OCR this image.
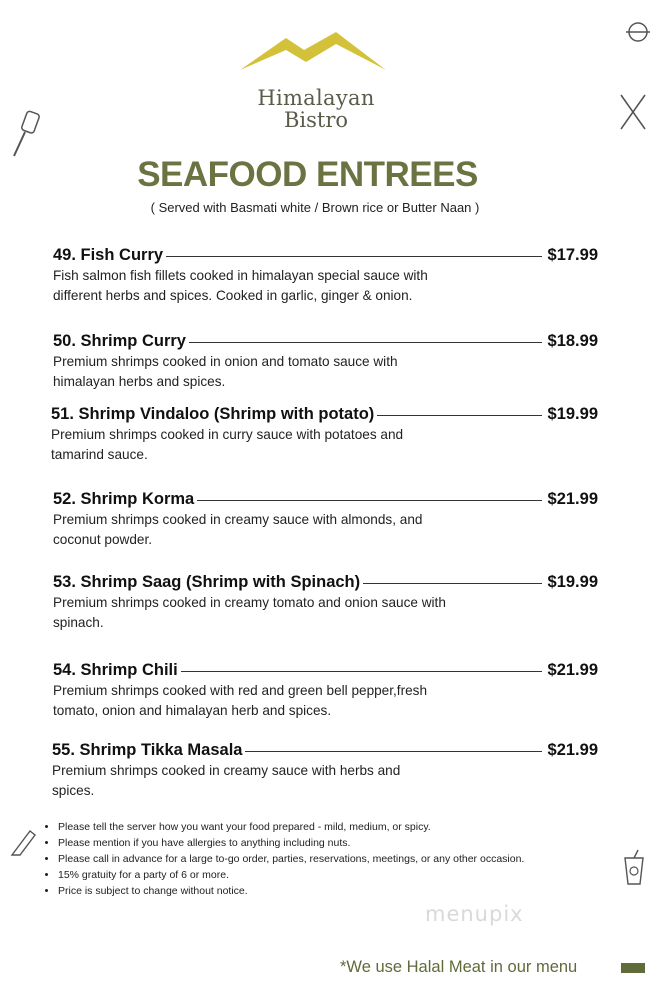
Himalayan
Bistro
SEAFOOD ENTREES
( Served with Basmati white / Brown rice or Butter Naan )
49. Fish Curry	$17.99
Fish salmon fish fillets cooked in himalayan special sauce with different herbs and spices. Cooked in garlic, ginger & onion.
50. Shrimp Curry	$18.99
Premium shrimps cooked in onion and tomato sauce with himalayan herbs and spices.
51. Shrimp Vindaloo (Shrimp with potato)	$19.99
Premium shrimps cooked in curry sauce with potatoes and tamarind sauce.
52. Shrimp Korma	$21.99
Premium shrimps cooked in creamy sauce with almonds, and coconut powder.
53. Shrimp Saag (Shrimp with Spinach)	$19.99
Premium shrimps cooked in creamy tomato and onion sauce with spinach.
54. Shrimp Chili	$21.99
Premium shrimps cooked with red and green bell pepper,fresh tomato, onion and himalayan herb and spices.
55. Shrimp Tikka Masala	$21.99
Premium shrimps cooked in creamy sauce with herbs and spices.
• Please tell the server how you want your food prepared - mild, medium, or spicy.
• Please mention if you have allergies to anything including nuts.
• Please call in advance for a large to-go order, parties, reservations, meetings, or any other occasion.
• 15% gratuity for a party of 6 or more.
• Price is subject to change without notice.
menupix
*We use Halal Meat in our menu
